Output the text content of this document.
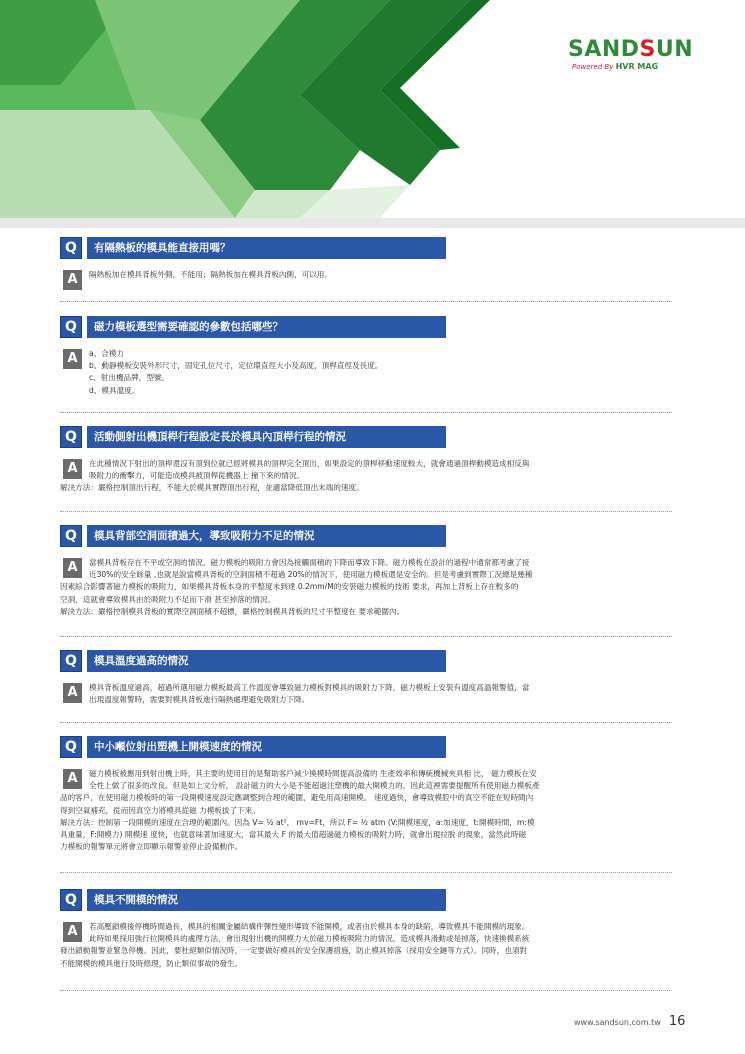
SANDSUN
Powered By HVR MAG
Q	有隔熱板的模具能直接用嗎？
A	隔熱板加在模具背板外側，不能用；隔熱板加在模具背板內側，可以用。
Q	磁力模板選型需要確認的參數包括哪些？
A	a、合模力
b、動靜模板安裝外形尺寸，固定孔位尺寸，定位環直徑大小及高度，頂桿直徑及長度。
c、射出機品牌，型號。
d、模具溫度。
Q	活動側射出機頂桿行程設定長於模具內頂桿行程的情況
A	在此種情況下射出的頂桿還沒有頂到位就已經將模具的頂桿完全頂出，如果設定的頂桿移動速度較大，就會通過頂桿動模造成相反與
吸附力的衝擊力，可能造成模具被頂桿從機器上 撞下來的情況。
解決方法：嚴格控制頂出行程，不能大於模具實際頂出行程，並適當降低頂出末端的速度。
Q	模具背部空洞面積過大，導致吸附力不足的情況
A	當模具背板存在不平或空洞的情況，磁力模板的吸附力會因為接觸面積的下降而導致下降。磁力模板在設計的過程中通常都考慮了接
近30%的安全餘量 ,也就是說當模具背板的空洞面積不超過 20%的情況下，使用磁力模板還是安全的。但是考慮到實際工況總是幾種
因素綜合影響著磁力模板的吸附力，如果模具背板本身的平整度未到達 0.2mm/M的安裝磁力模板的技術 要求，再加上背板上存在較多的
空洞，這就會導致模具由於吸附力不足而下滑 甚至掉落的情況。
解決方法：嚴格控制模具背板的實際空洞面積不超標，嚴格控制模具背板的尺寸平整度在 要求範圍內。
Q	模具溫度過高的情況
A	模具背板溫度過高，超過所選用磁力模板最高工作溫度會導致磁力模板對模具的吸附力下降，磁力模板上安裝有溫度高溫報警值，當
出現溫度報警時，需要對模具背板進行隔熱處理避免吸附力下降。
Q	中小噸位射出塑機上開模速度的情況
A	磁力模板被應用到射出機上時，其主要的使用目的是幫助客戶減少換模時間提高設備的 生產效率和傳統機械夾具相 比， 磁力模板在安
全性上做了很多的改良。但是如上文分析， 設計磁力的大小是不能超過注塑機的最大開模力的，因此這裡需要提醒所有使用磁力模板產
品的客戶，在使用磁力模板時的第一段開模速度設定應調整到合理的範圍，避免用高速開模。 速度過快，會導致模腔中的真空不能在短時間內
得到空氣補充，從而因真空力將模具從磁 力模板拔了下來。
解決方法：控制第一段開模的速度在合理的範圍內。因為 V= ½ at²， mv=Ft，所以 F= ½ atm (V:開模速度，a:加速度，t:開模時間，m:模
具重量，F:開模力) 開模速 度快，也就意味著加速度大，當其最大 F 的最大值超過磁力模板的吸附力時，就會出現拉脫 的現象，當然此時磁
力模板的報警單元將會立即顯示報警並停止設備動作。
Q	模具不開模的情況
A	若高壓鎖模後停機時間過長，模具的相關金屬結構件彈性變形導致不能開模，或者由於模具本身的缺陷，導致模具不能開模的現象。
此時如果採用強行拉開模具的處理方法，會出現射出機的開模力大於磁力模板吸附力的情況，造成模具滑動或是掉落，快速換模系統
發出鎖動報警並緊急停機。因此，要杜絕類似情況時，一定要做好模具的安全保護措施，防止模具掉落（採用安全鏈等方式）。同時，也須對
不能開模的模具進行及時修理，防止類似事故的發生。
www.sandsun.com.tw 16
